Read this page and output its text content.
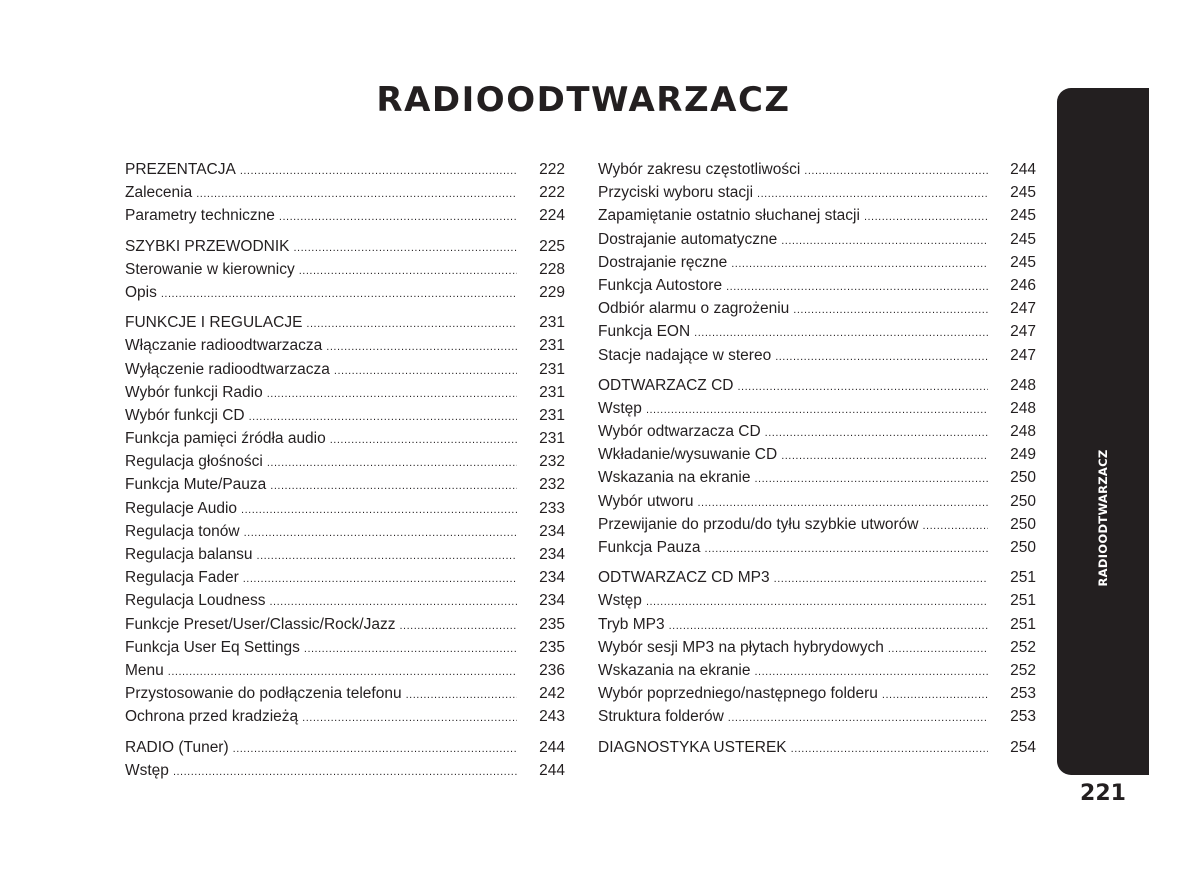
RADIOODTWARZACZ
PREZENTACJA .....	222
Zalecenia .....	222
Parametry techniczne .....	224
SZYBKI PRZEWODNIK .....	225
Sterowanie w kierownicy .....	228
Opis .....	229
FUNKCJE I REGULACJE .....	231
Włączanie radioodtwarzacza .....	231
Wyłączenie radioodtwarzacza .....	231
Wybór funkcji Radio .....	231
Wybór funkcji CD .....	231
Funkcja pamięci źródła audio .....	231
Regulacja głośności .....	232
Funkcja Mute/Pauza .....	232
Regulacje Audio .....	233
Regulacja tonów .....	234
Regulacja balansu .....	234
Regulacja Fader .....	234
Regulacja Loudness .....	234
Funkcje Preset/User/Classic/Rock/Jazz .....	235
Funkcja User Eq Settings .....	235
Menu .....	236
Przystosowanie do podłączenia telefonu .....	242
Ochrona przed kradzieżą .....	243
RADIO (Tuner) .....	244
Wstęp .....	244
Wybór zakresu częstotliwości .....	244
Przyciski wyboru stacji .....	245
Zapamiętanie ostatnio słuchanej stacji .....	245
Dostrajanie automatyczne .....	245
Dostrajanie ręczne .....	245
Funkcja Autostore .....	246
Odbiór alarmu o zagrożeniu .....	247
Funkcja EON .....	247
Stacje nadające w stereo .....	247
ODTWARZACZ CD .....	248
Wstęp .....	248
Wybór odtwarzacza CD .....	248
Wkładanie/wysuwanie CD .....	249
Wskazania na ekranie .....	250
Wybór utworu .....	250
Przewijanie do przodu/do tyłu szybkie utworów .....	250
Funkcja Pauza .....	250
ODTWARZACZ CD MP3 .....	251
Wstęp .....	251
Tryb MP3 .....	251
Wybór sesji MP3 na płytach hybrydowych .....	252
Wskazania na ekranie .....	252
Wybór poprzedniego/następnego folderu .....	253
Struktura folderów .....	253
DIAGNOSTYKA USTEREK .....	254
RADIOODTWARZACZ
221
